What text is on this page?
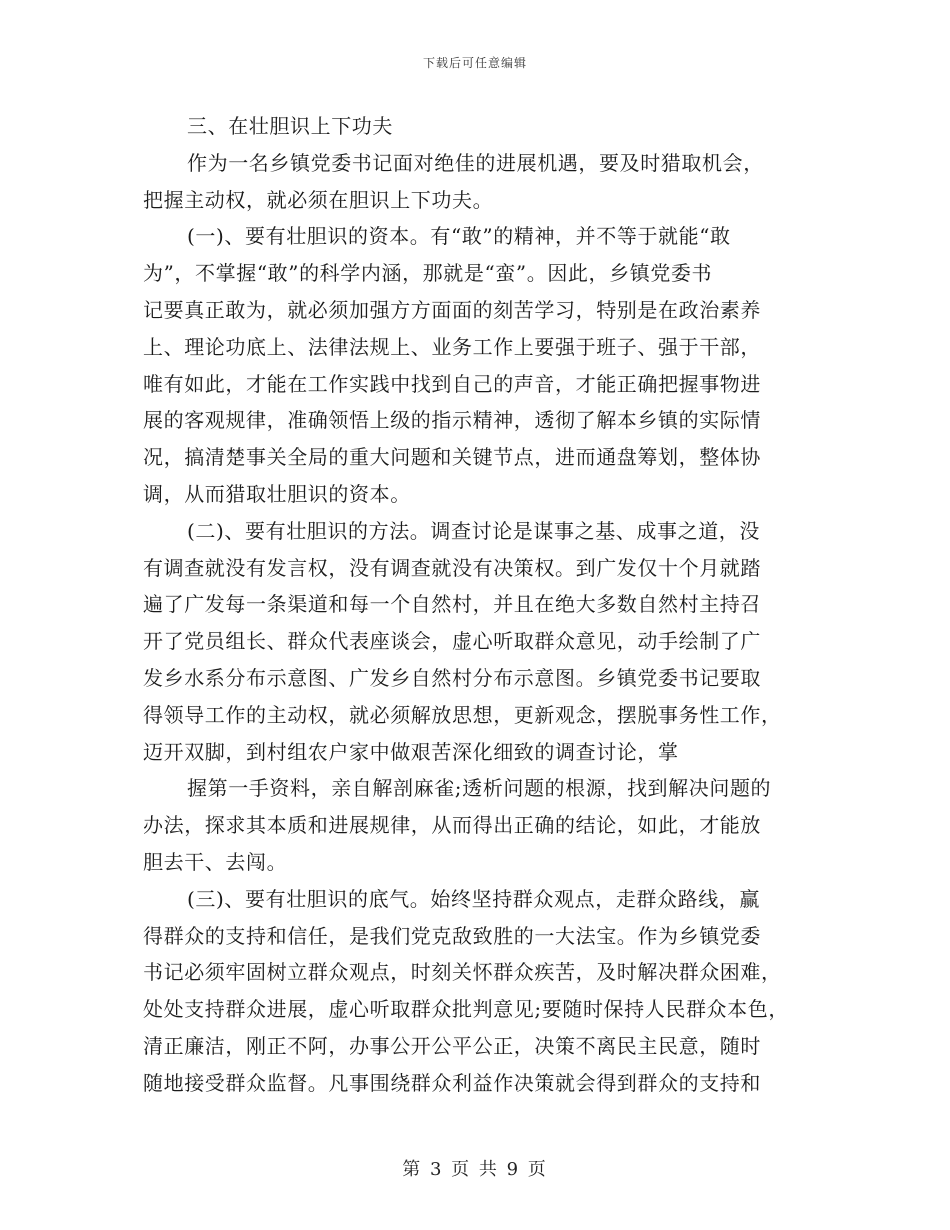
下载后可任意编辑
三、在壮胆识上下功夫
作为一名乡镇党委书记面对绝佳的进展机遇，要及时猎取机会，
把握主动权，就必须在胆识上下功夫。
(一)、要有壮胆识的资本。有“敢”的精神，并不等于就能“敢
为”，不掌握“敢”的科学内涵，那就是“蛮”。因此，乡镇党委书
记要真正敢为，就必须加强方方面面的刻苦学习，特别是在政治素养
上、理论功底上、法律法规上、业务工作上要强于班子、强于干部，
唯有如此，才能在工作实践中找到自己的声音，才能正确把握事物进
展的客观规律，准确领悟上级的指示精神，透彻了解本乡镇的实际情
况，搞清楚事关全局的重大问题和关键节点，进而通盘筹划，整体协
调，从而猎取壮胆识的资本。
(二)、要有壮胆识的方法。调查讨论是谋事之基、成事之道，没
有调查就没有发言权，没有调查就没有决策权。到广发仅十个月就踏
遍了广发每一条渠道和每一个自然村，并且在绝大多数自然村主持召
开了党员组长、群众代表座谈会，虚心听取群众意见，动手绘制了广
发乡水系分布示意图、广发乡自然村分布示意图。乡镇党委书记要取
得领导工作的主动权，就必须解放思想，更新观念，摆脱事务性工作，
迈开双脚，到村组农户家中做艰苦深化细致的调查讨论，掌
握第一手资料，亲自解剖麻雀;透析问题的根源，找到解决问题的
办法，探求其本质和进展规律，从而得出正确的结论，如此，才能放
胆去干、去闯。
(三)、要有壮胆识的底气。始终坚持群众观点，走群众路线，赢
得群众的支持和信任，是我们党克敌致胜的一大法宝。作为乡镇党委
书记必须牢固树立群众观点，时刻关怀群众疾苦，及时解决群众困难，
处处支持群众进展，虚心听取群众批判意见;要随时保持人民群众本色，
清正廉洁，刚正不阿，办事公开公平公正，决策不离民主民意，随时
随地接受群众监督。凡事围绕群众利益作决策就会得到群众的支持和
第 3 页 共 9 页
